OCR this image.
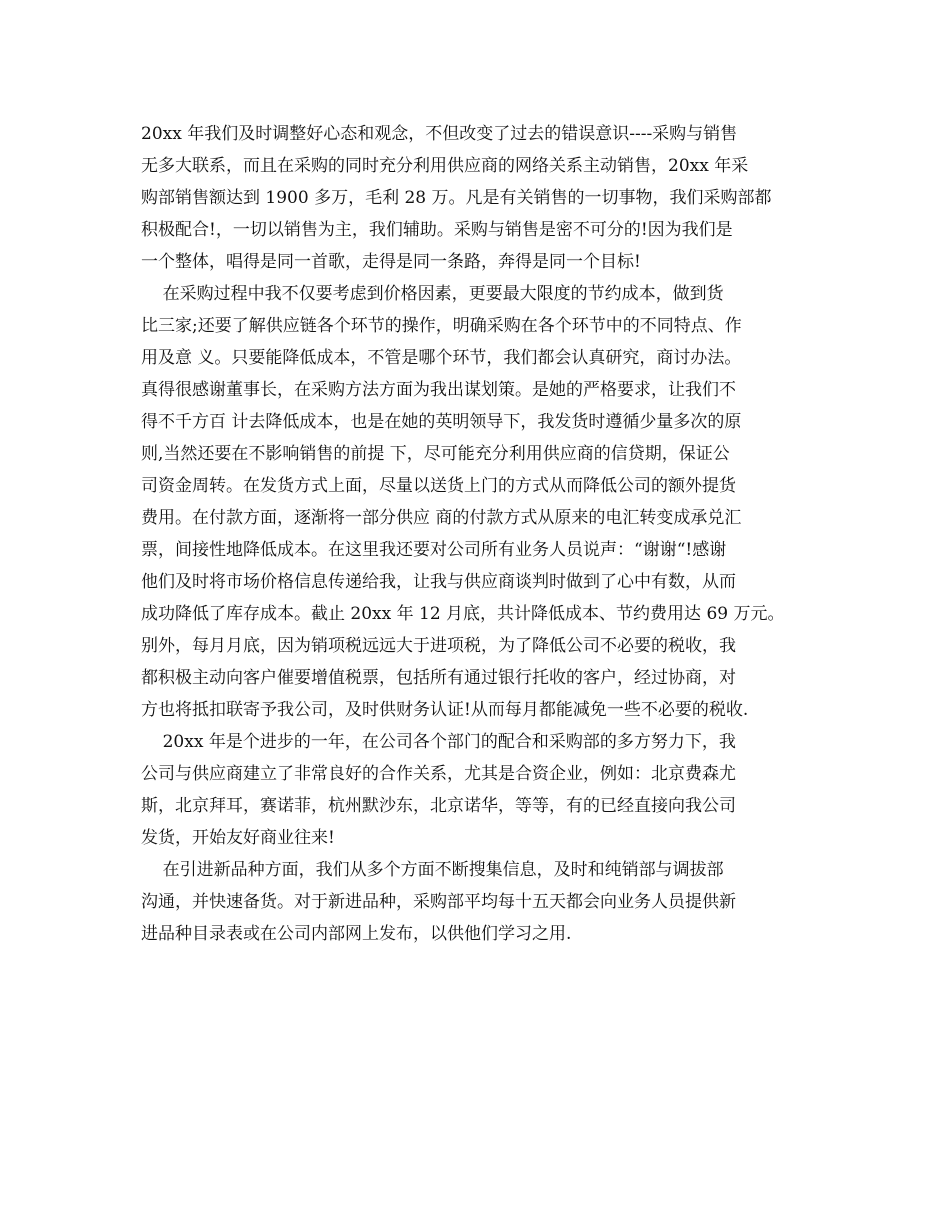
20xx 年我们及时调整好心态和观念，不但改变了过去的错误意识----采购与销售
无多大联系，而且在采购的同时充分利用供应商的网络关系主动销售，20xx 年采
购部销售额达到 1900 多万，毛利 28 万。凡是有关销售的一切事物，我们采购部都
积极配合!，一切以销售为主，我们辅助。采购与销售是密不可分的!因为我们是
一个整体，唱得是同一首歌，走得是同一条路，奔得是同一个目标!
在采购过程中我不仅要考虑到价格因素，更要最大限度的节约成本，做到货
比三家;还要了解供应链各个环节的操作，明确采购在各个环节中的不同特点、作
用及意 义。只要能降低成本，不管是哪个环节，我们都会认真研究，商讨办法。
真得很感谢董事长，在采购方法方面为我出谋划策。是她的严格要求，让我们不
得不千方百 计去降低成本，也是在她的英明领导下，我发货时遵循少量多次的原
则,当然还要在不影响销售的前提 下，尽可能充分利用供应商的信贷期，保证公
司资金周转。在发货方式上面，尽量以送货上门的方式从而降低公司的额外提货
费用。在付款方面，逐渐将一部分供应 商的付款方式从原来的电汇转变成承兑汇
票，间接性地降低成本。在这里我还要对公司所有业务人员说声：“谢谢“!感谢
他们及时将市场价格信息传递给我，让我与供应商谈判时做到了心中有数，从而
成功降低了库存成本。截止 20xx 年 12 月底，共计降低成本、节约费用达 69 万元。
别外，每月月底，因为销项税远远大于进项税，为了降低公司不必要的税收，我
都积极主动向客户催要增值税票，包括所有通过银行托收的客户，经过协商，对
方也将抵扣联寄予我公司，及时供财务认证!从而每月都能减免一些不必要的税收.
20xx 年是个进步的一年，在公司各个部门的配合和采购部的多方努力下，我
公司与供应商建立了非常良好的合作关系，尤其是合资企业，例如：北京费森尤
斯，北京拜耳，赛诺菲，杭州默沙东，北京诺华，等等，有的已经直接向我公司
发货，开始友好商业往来!
在引进新品种方面，我们从多个方面不断搜集信息，及时和纯销部与调拔部
沟通，并快速备货。对于新进品种，采购部平均每十五天都会向业务人员提供新
进品种目录表或在公司内部网上发布，以供他们学习之用.
